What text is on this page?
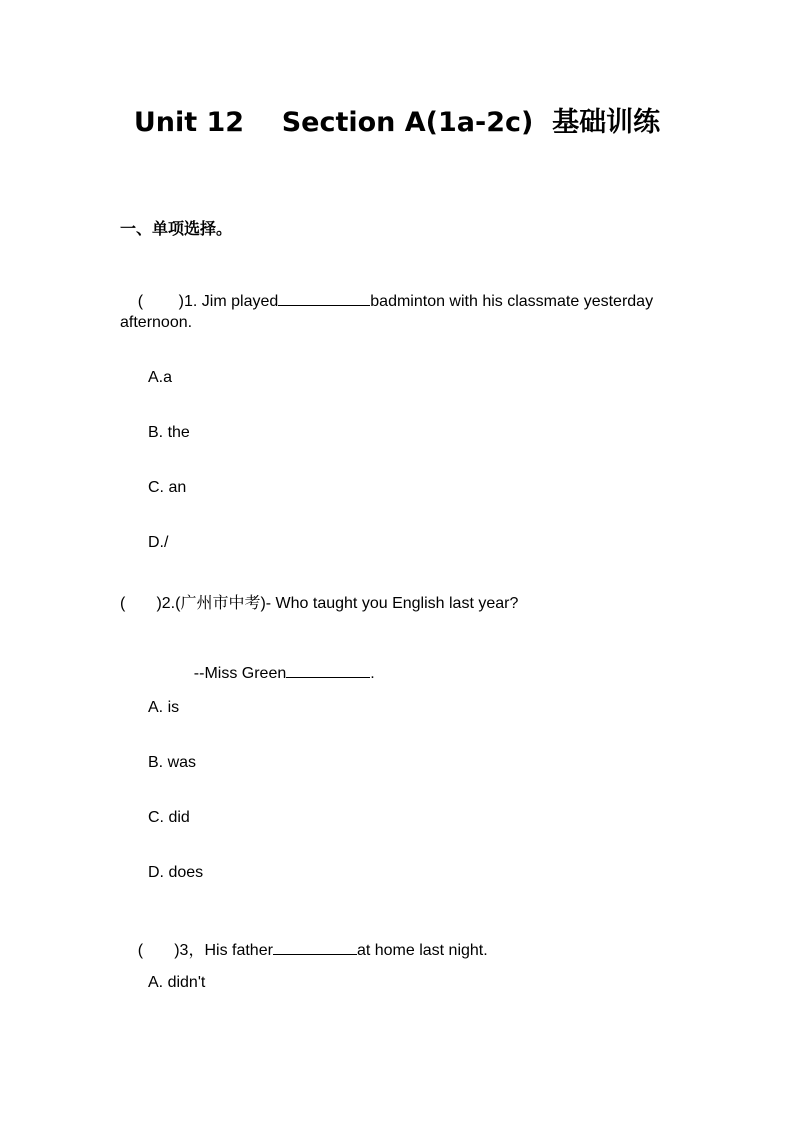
Unit 12    Section A(1a-2c)  基础训练
一、单项选择。

(        )1. Jim played	badminton with his classmate yesterday

afternoon.
A.a
B. the
C. an
D./
(       )2.(广州市中考)- Who taught you English last year?

--Miss Green	.

A. is
B. was
C. did
D. does

(       )3，His father	at home last night.

A. didn't
